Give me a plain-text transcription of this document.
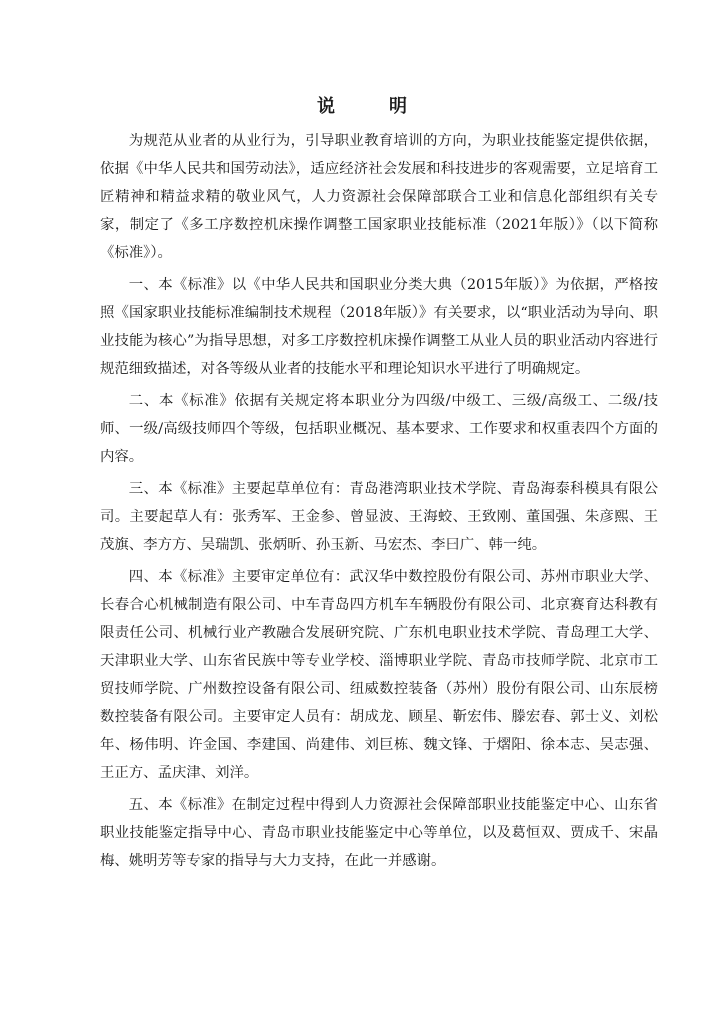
说　明

为规范从业者的从业行为，引导职业教育培训的方向，为职业技能鉴定提供依据，依据《中华人民共和国劳动法》，适应经济社会发展和科技进步的客观需要，立足培育工匠精神和精益求精的敬业风气，人力资源社会保障部联合工业和信息化部组织有关专家，制定了《多工序数控机床操作调整工国家职业技能标准（2021年版）》（以下简称《标准》）。

一、本《标准》以《中华人民共和国职业分类大典（2015年版）》为依据，严格按照《国家职业技能标准编制技术规程（2018年版）》有关要求，以“职业活动为导向、职业技能为核心”为指导思想，对多工序数控机床操作调整工从业人员的职业活动内容进行规范细致描述，对各等级从业者的技能水平和理论知识水平进行了明确规定。

二、本《标准》依据有关规定将本职业分为四级/中级工、三级/高级工、二级/技师、一级/高级技师四个等级，包括职业概况、基本要求、工作要求和权重表四个方面的内容。

三、本《标准》主要起草单位有：青岛港湾职业技术学院、青岛海泰科模具有限公司。主要起草人有：张秀军、王金参、曾显波、王海蛟、王致刚、董国强、朱彦熙、王茂旗、李方方、吴瑞凯、张炳昕、孙玉新、马宏杰、李曰广、韩一纯。

四、本《标准》主要审定单位有：武汉华中数控股份有限公司、苏州市职业大学、长春合心机械制造有限公司、中车青岛四方机车车辆股份有限公司、北京赛育达科教有限责任公司、机械行业产教融合发展研究院、广东机电职业技术学院、青岛理工大学、天津职业大学、山东省民族中等专业学校、淄博职业学院、青岛市技师学院、北京市工贸技师学院、广州数控设备有限公司、纽威数控装备（苏州）股份有限公司、山东辰榜数控装备有限公司。主要审定人员有：胡成龙、顾星、靳宏伟、滕宏春、郭士义、刘松年、杨伟明、许金国、李建国、尚建伟、刘巨栋、魏文锋、于熠阳、徐本志、吴志强、王正方、孟庆津、刘洋。

五、本《标准》在制定过程中得到人力资源社会保障部职业技能鉴定中心、山东省职业技能鉴定指导中心、青岛市职业技能鉴定中心等单位，以及葛恒双、贾成千、宋晶梅、姚明芳等专家的指导与大力支持，在此一并感谢。
